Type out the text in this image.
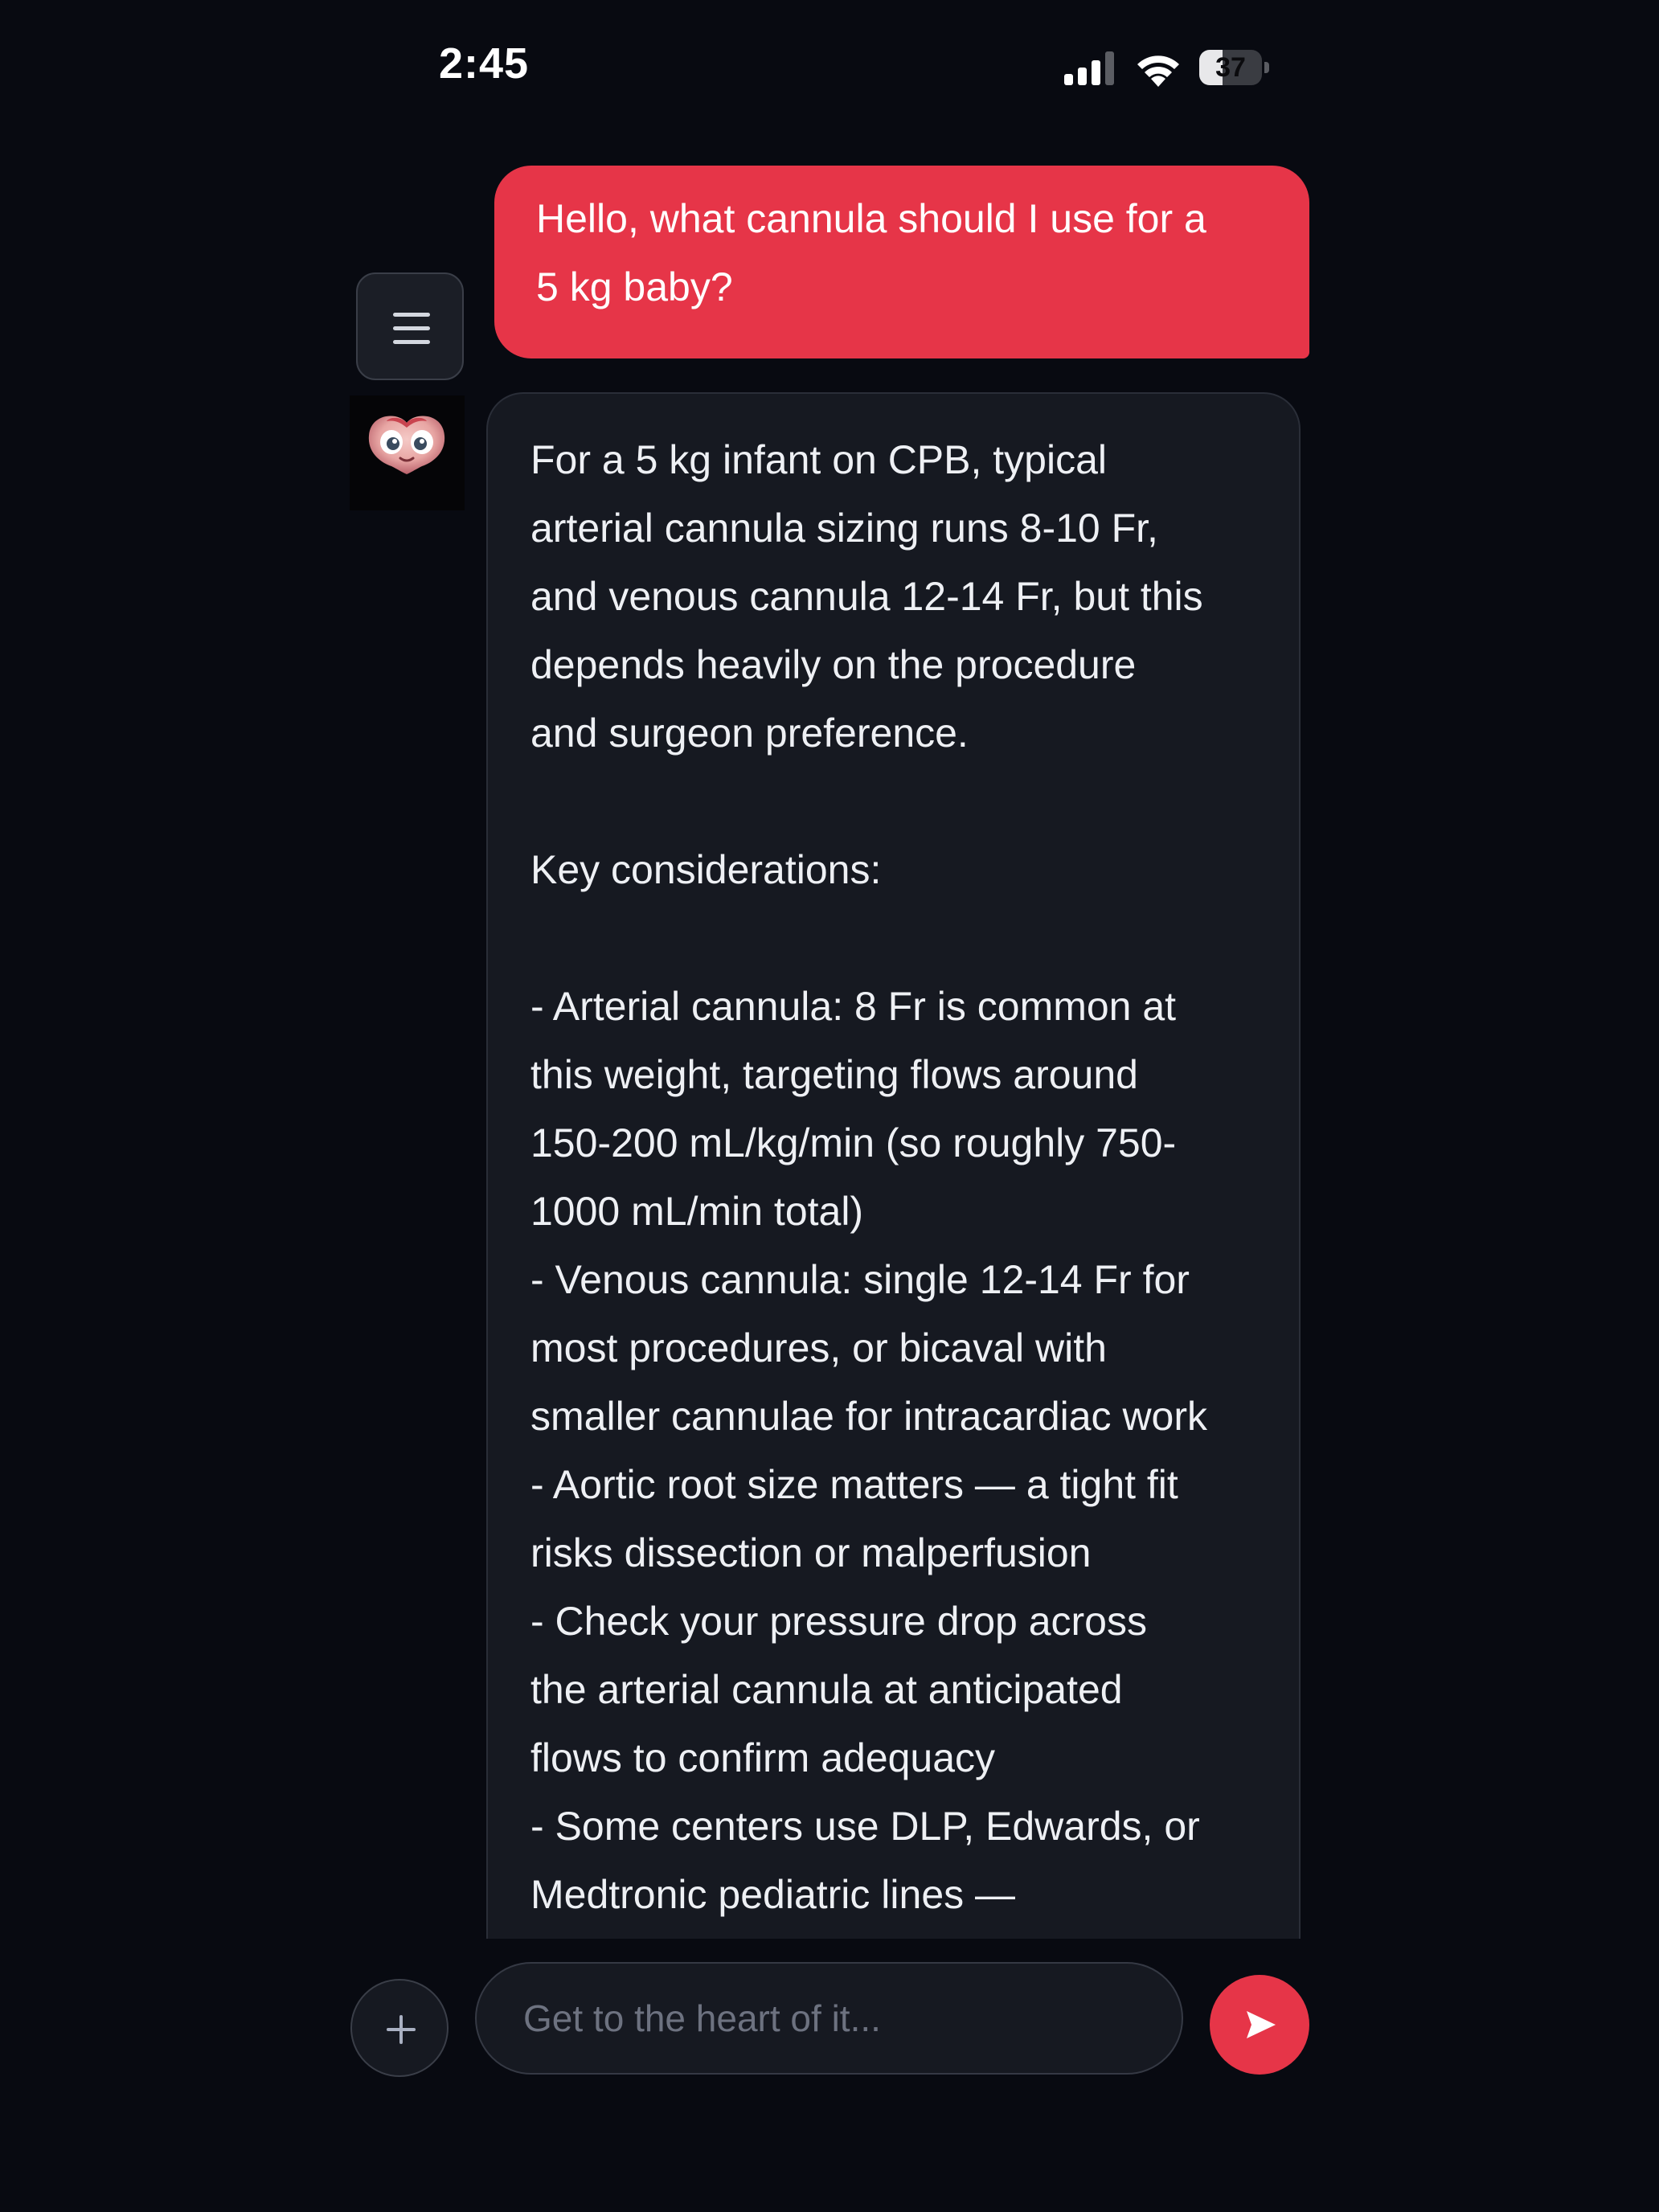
2:45	37
Hello, what cannula should I use for a
5 kg baby?
For a 5 kg infant on CPB, typical
arterial cannula sizing runs 8-10 Fr,
and venous cannula 12-14 Fr, but this
depends heavily on the procedure
and surgeon preference.
Key considerations:
- Arterial cannula: 8 Fr is common at
this weight, targeting flows around
150-200 mL/kg/min (so roughly 750-
1000 mL/min total)
- Venous cannula: single 12-14 Fr for
most procedures, or bicaval with
smaller cannulae for intracardiac work
- Aortic root size matters — a tight fit
risks dissection or malperfusion
- Check your pressure drop across
the arterial cannula at anticipated
flows to confirm adequacy
- Some centers use DLP, Edwards, or
Medtronic pediatric lines —
Get to the heart of it...
